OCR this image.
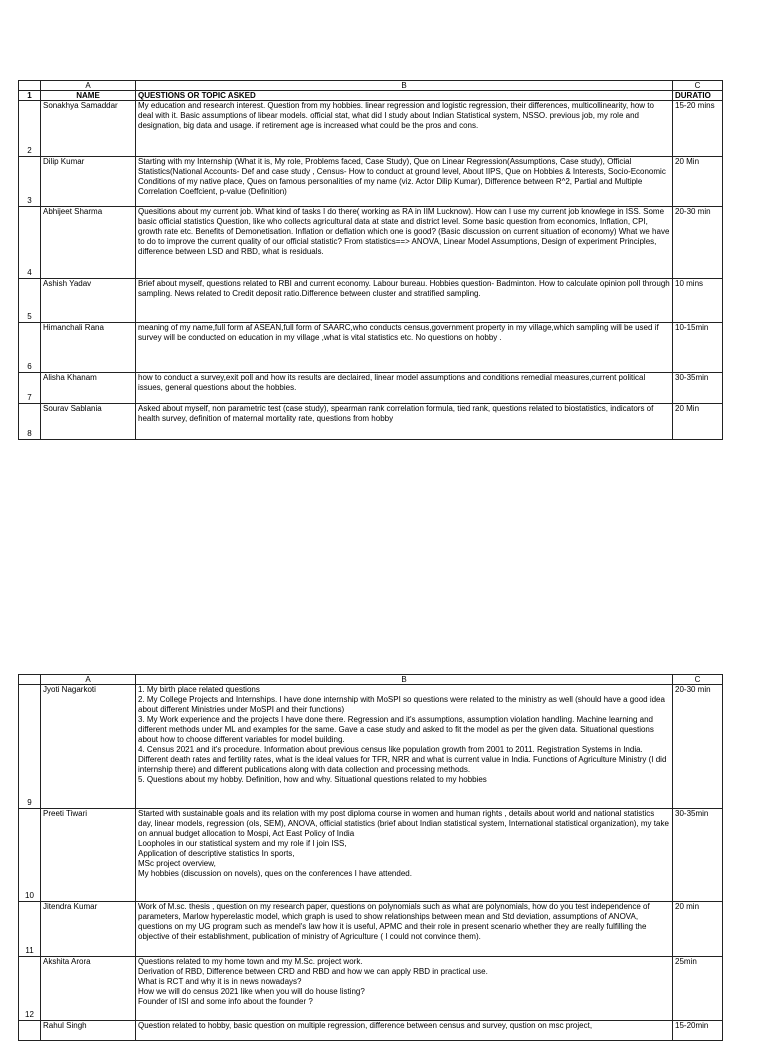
	A	B	C
1	NAME	QUESTIONS OR TOPIC ASKED	DURATIO
2	Sonakhya Samaddar	My education and research interest. Question from my hobbies. linear regression and logistic regression, their differences, multicollinearity, how to deal with it. Basic assumptions of libear models. official stat, what did I study about Indian Statistical system, NSSO. previous job, my role and designation, big data and usage. if retirement age is increased what could be the pros and cons.	15-20 mins
3	Dilip Kumar	Starting with my Internship (What it is, My role, Problems faced, Case Study), Que on Linear Regression(Assumptions, Case study), Official Statistics(National Accounts- Def and case study , Census- How to conduct at ground level, About IIPS, Que on Hobbies & Interests, Socio-Economic Conditions of my native place, Ques on famous personalities of my name (viz. Actor Dilip Kumar), Difference between R^2, Partial and Multiple Correlation Coeffcient, p-value (Definition)	20 Min
4	Abhijeet Sharma	Quesitions about my current job. What kind of tasks I do there( working as RA in IIM Lucknow). How can I use my current job knowlege in ISS. Some basic official statistics Question, like who collects agricultural data at state and district level. Some basic question from economics, Inflation, CPI, growth rate etc. Benefits of Demonetisation. Inflation or deflation which one is good? (Basic discussion on current situation of economy) What we have to do to improve the current quality of our official statistic? From statistics==> ANOVA, Linear Model Assumptions, Design of experiment Principles, difference between LSD and RBD, what is residuals.	20-30 min
5	Ashish Yadav	Brief about myself, questions related to RBI and current economy. Labour bureau. Hobbies question- Badminton. How to calculate opinion poll through sampling. News related to Credit deposit ratio.Difference between cluster and stratified sampling.	10 mins
6	Himanchali Rana	meaning of my name,full form af ASEAN,full form of SAARC,who conducts census,government property in my village,which sampling will be used if survey will be conducted on education in my village ,what is vital statistics etc. No questions on hobby .	10-15min
7	Alisha Khanam	how to conduct a survey,exit poll and how its results are declaired, linear model assumptions and conditions remedial measures,current political issues, general questions about the hobbies.	30-35min
8	Sourav Sablania	Asked about myself, non parametric test (case study), spearman rank correlation formula, tied rank, questions related to biostatistics, indicators of health survey, definition of maternal mortality rate, questions from hobby	20 Min
	A	B	C
9	Jyoti Nagarkoti	1. My birth place related questions
2. My College Projects and Internships. I have done internship with MoSPI so questions were related to the ministry as well (should have a good idea about different Ministries under MoSPI and their functions)
3. My Work experience and the projects I have done there. Regression and it's assumptions, assumption violation handling. Machine learning and different methods under ML and examples for the same. Gave a case study and asked to fit the model as per the given data. Situational questions about how to choose different variables for model building.
4. Census 2021 and it's procedure. Information about previous census like population growth from 2001 to 2011. Registration Systems in India. Different death rates and fertility rates, what is the ideal values for TFR, NRR and what is current value in India. Functions of Agriculture Ministry (I did internship there) and different publications along with data collection and processing methods.
5. Questions about my hobby. Definition, how and why. Situational questions related to my hobbies	20-30 min
10	Preeti Tiwari	Started with sustainable goals and its relation with my post diploma course in women and human rights , details about world and national statistics day, linear models, regression (ols, SEM), ANOVA, official statistics (brief about Indian statistical system, International statistical organization), my take on annual budget allocation to Mospi, Act East Policy of India
Loopholes in our statistical system and my role if I join ISS,
Application of descriptive statistics In sports,
MSc project overview,
My hobbies (discussion on novels), ques on the conferences I have attended.	30-35min
11	Jitendra Kumar	Work of M.sc. thesis , question on my research paper, questions on polynomials such as what are polynomials, how do you test independence of parameters, Marlow hyperelastic model, which graph is used to show relationships between mean and Std deviation, assumptions of ANOVA, questions on my UG program such as mendel's law how it is useful, APMC and their role in present scenario whether they are really fulfilling the objective of their establishment, publication of ministry of Agriculture ( I could not convince them).	20 min
12	Akshita Arora	Questions related to my home town and my M.Sc. project work.
Derivation of RBD, Difference between CRD and RBD and how we can apply RBD in practical use.
What is RCT and why it is in news nowadays?
How we will do census 2021 like when you will do house listing?
Founder of ISI and some info about the founder ?	25min
	Rahul Singh	Question related to hobby, basic question on multiple regression, difference between census and survey, qustion on msc project,	15-20min
